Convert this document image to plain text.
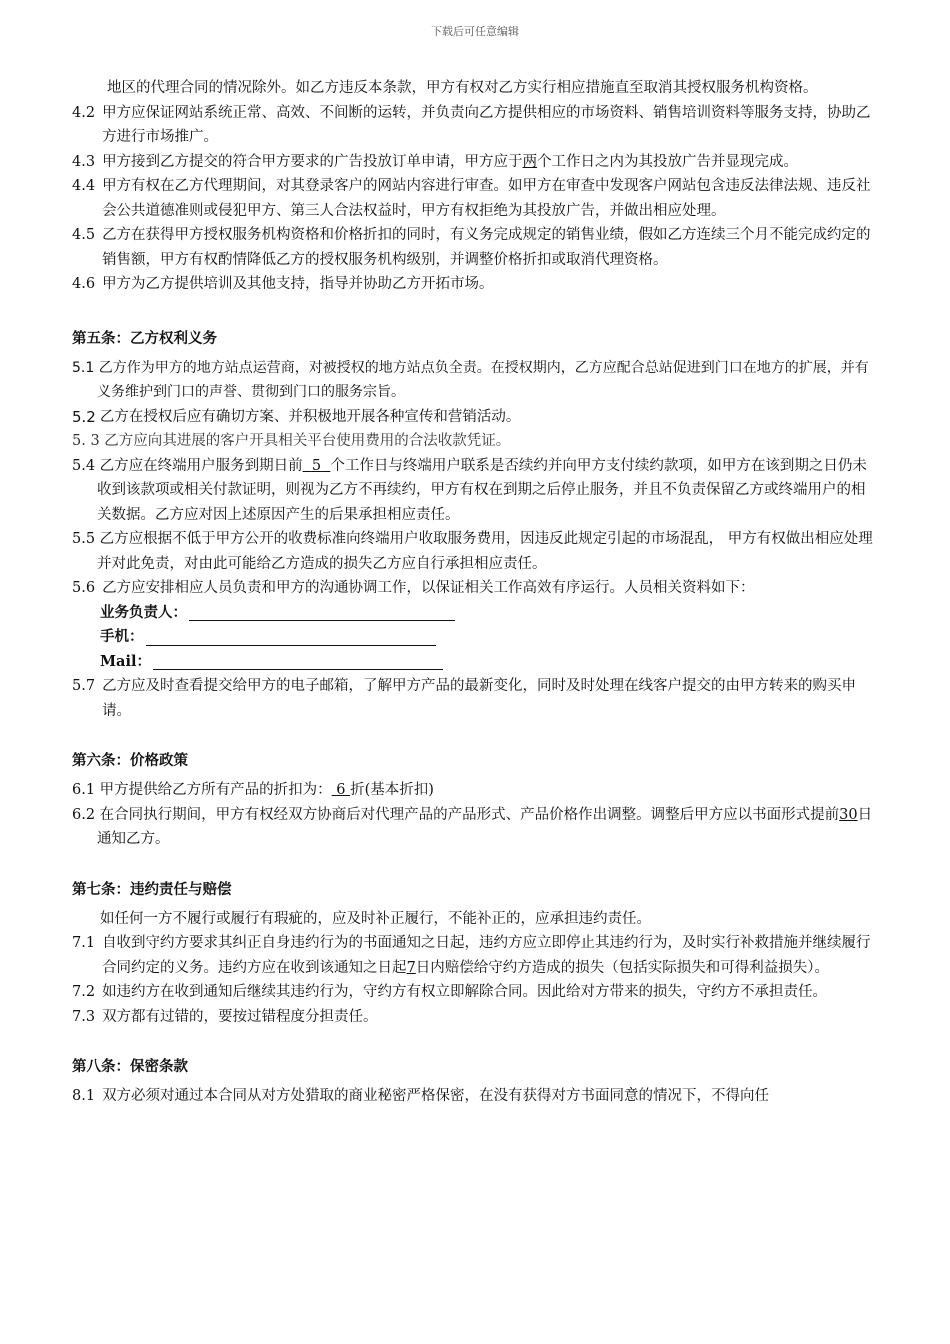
下载后可任意编辑
地区的代理合同的情况除外。如乙方违反本条款，甲方有权对乙方实行相应措施直至取消其授权服务机构资格。
4.2 甲方应保证网站系统正常、高效、不间断的运转，并负责向乙方提供相应的市场资料、销售培训资料等服务支持，协助乙方进行市场推广。
4.3 甲方接到乙方提交的符合甲方要求的广告投放订单申请，甲方应于两个工作日之内为其投放广告并显现完成。
4.4 甲方有权在乙方代理期间，对其登录客户的网站内容进行审查。如甲方在审查中发现客户网站包含违反法律法规、违反社会公共道德准则或侵犯甲方、第三人合法权益时，甲方有权拒绝为其投放广告，并做出相应处理。
4.5 乙方在获得甲方授权服务机构资格和价格折扣的同时，有义务完成规定的销售业绩，假如乙方连续三个月不能完成约定的销售额，甲方有权酌情降低乙方的授权服务机构级别，并调整价格折扣或取消代理资格。
4.6 甲方为乙方提供培训及其他支持，指导并协助乙方开拓市场。
第五条：乙方权利义务
5.1 乙方作为甲方的地方站点运营商，对被授权的地方站点负全责。在授权期内，乙方应配合总站促进到门口在地方的扩展，并有义务维护到门口的声誉、贯彻到门口的服务宗旨。
5.2 乙方在授权后应有确切方案、并积极地开展各种宣传和营销活动。
5. 3 乙方应向其进展的客户开具相关平台使用费用的合法收款凭证。
5.4 乙方应在终端用户服务到期日前 5 个工作日与终端用户联系是否续约并向甲方支付续约款项，如甲方在该到期之日仍未收到该款项或相关付款证明，则视为乙方不再续约，甲方有权在到期之后停止服务，并且不负责保留乙方或终端用户的相关数据。乙方应对因上述原因产生的后果承担相应责任。
5.5 乙方应根据不低于甲方公开的收费标准向终端用户收取服务费用，因违反此规定引起的市场混乱， 甲方有权做出相应处理并对此免责，对由此可能给乙方造成的损失乙方应自行承担相应责任。
5.6 乙方应安排相应人员负责和甲方的沟通协调工作，以保证相关工作高效有序运行。人员相关资料如下：
业务负责人：
手机：
Mail：
5.7 乙方应及时查看提交给甲方的电子邮箱，了解甲方产品的最新变化，同时及时处理在线客户提交的由甲方转来的购买申请。
第六条：价格政策
6.1 甲方提供给乙方所有产品的折扣为： 6 折(基本折扣)
6.2 在合同执行期间，甲方有权经双方协商后对代理产品的产品形式、产品价格作出调整。调整后甲方应以书面形式提前30日通知乙方。
第七条：违约责任与赔偿
如任何一方不履行或履行有瑕疵的，应及时补正履行，不能补正的，应承担违约责任。
7.1 自收到守约方要求其纠正自身违约行为的书面通知之日起，违约方应立即停止其违约行为，及时实行补救措施并继续履行合同约定的义务。违约方应在收到该通知之日起7日内赔偿给守约方造成的损失（包括实际损失和可得利益损失）。
7.2 如违约方在收到通知后继续其违约行为，守约方有权立即解除合同。因此给对方带来的损失，守约方不承担责任。
7.3 双方都有过错的，要按过错程度分担责任。
第八条：保密条款
8.1 双方必须对通过本合同从对方处猎取的商业秘密严格保密，在没有获得对方书面同意的情况下，不得向任
